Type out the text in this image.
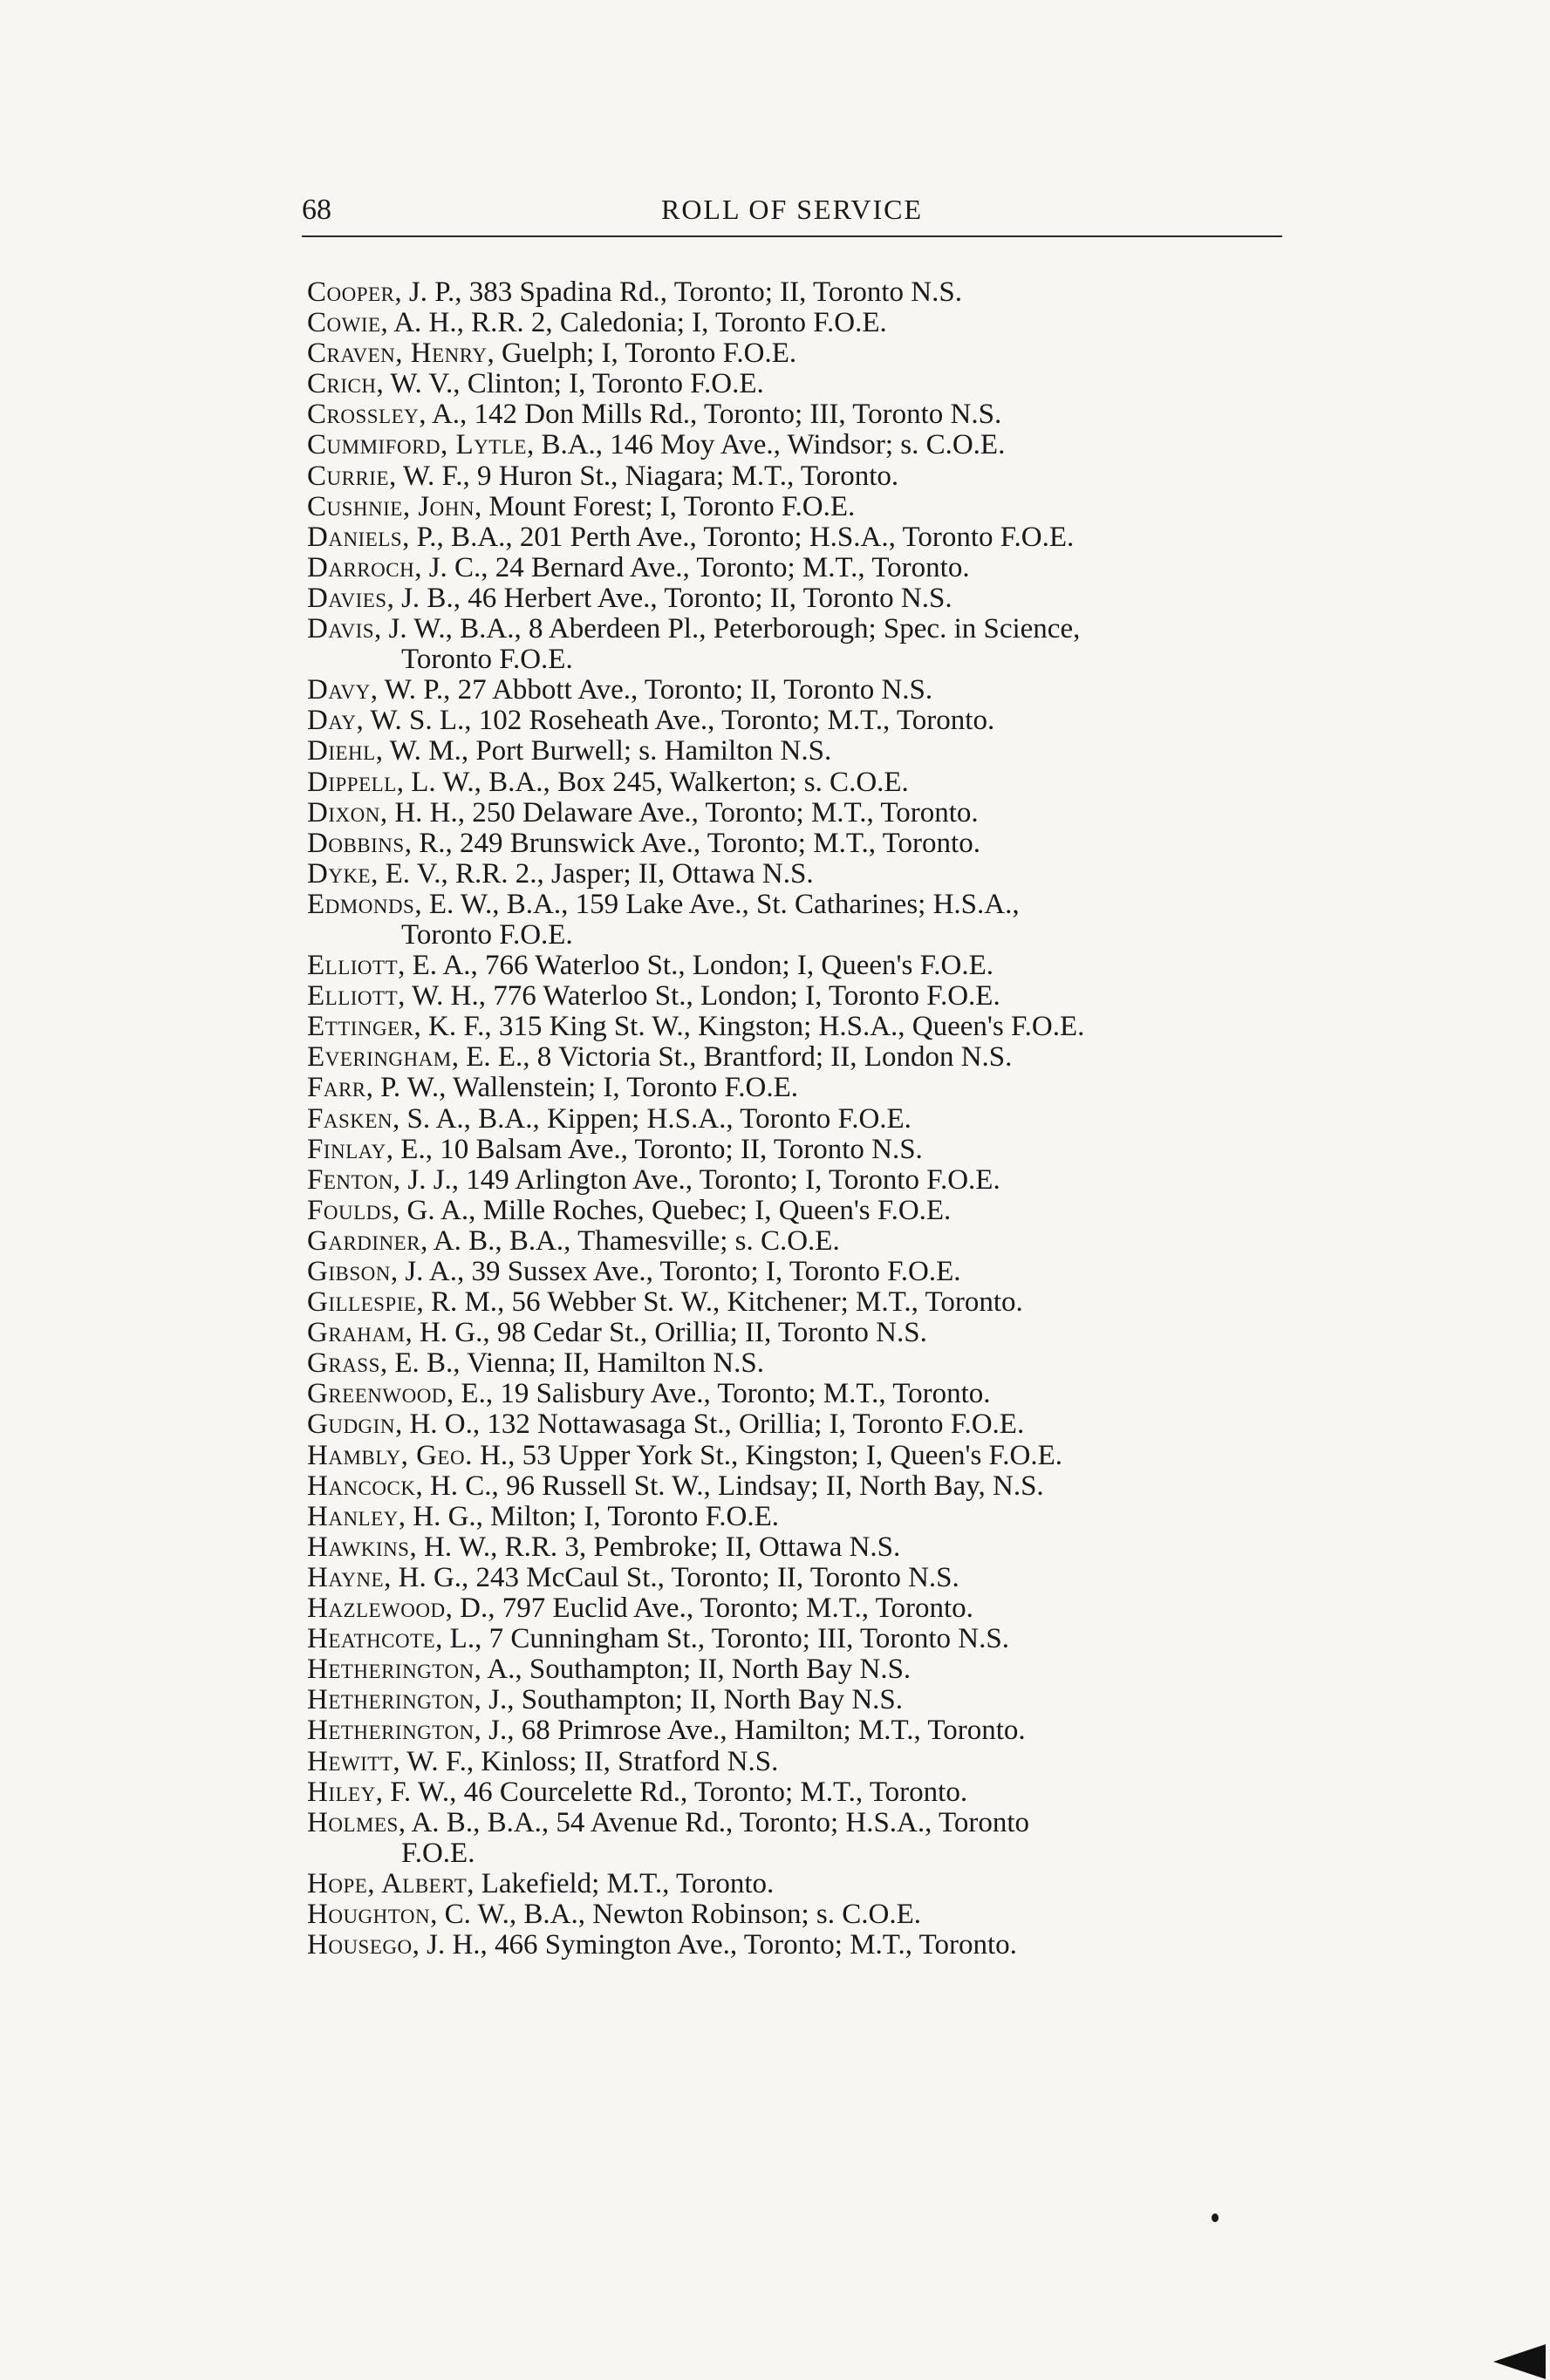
68	ROLL OF SERVICE
Cooper, J. P., 383 Spadina Rd., Toronto; II, Toronto N.S.
Cowie, A. H., R.R. 2, Caledonia; I, Toronto F.O.E.
Craven, Henry, Guelph; I, Toronto F.O.E.
Crich, W. V., Clinton; I, Toronto F.O.E.
Crossley, A., 142 Don Mills Rd., Toronto; III, Toronto N.S.
Cummiford, Lytle, B.A., 146 Moy Ave., Windsor; s. C.O.E.
Currie, W. F., 9 Huron St., Niagara; M.T., Toronto.
Cushnie, John, Mount Forest; I, Toronto F.O.E.
Daniels, P., B.A., 201 Perth Ave., Toronto; H.S.A., Toronto F.O.E.
Darroch, J. C., 24 Bernard Ave., Toronto; M.T., Toronto.
Davies, J. B., 46 Herbert Ave., Toronto; II, Toronto N.S.
Davis, J. W., B.A., 8 Aberdeen Pl., Peterborough; Spec. in Science,
Toronto F.O.E.
Davy, W. P., 27 Abbott Ave., Toronto; II, Toronto N.S.
Day, W. S. L., 102 Roseheath Ave., Toronto; M.T., Toronto.
Diehl, W. M., Port Burwell; s. Hamilton N.S.
Dippell, L. W., B.A., Box 245, Walkerton; s. C.O.E.
Dixon, H. H., 250 Delaware Ave., Toronto; M.T., Toronto.
Dobbins, R., 249 Brunswick Ave., Toronto; M.T., Toronto.
Dyke, E. V., R.R. 2., Jasper; II, Ottawa N.S.
Edmonds, E. W., B.A., 159 Lake Ave., St. Catharines; H.S.A.,
Toronto F.O.E.
Elliott, E. A., 766 Waterloo St., London; I, Queen's F.O.E.
Elliott, W. H., 776 Waterloo St., London; I, Toronto F.O.E.
Ettinger, K. F., 315 King St. W., Kingston; H.S.A., Queen's F.O.E.
Everingham, E. E., 8 Victoria St., Brantford; II, London N.S.
Farr, P. W., Wallenstein; I, Toronto F.O.E.
Fasken, S. A., B.A., Kippen; H.S.A., Toronto F.O.E.
Finlay, E., 10 Balsam Ave., Toronto; II, Toronto N.S.
Fenton, J. J., 149 Arlington Ave., Toronto; I, Toronto F.O.E.
Foulds, G. A., Mille Roches, Quebec; I, Queen's F.O.E.
Gardiner, A. B., B.A., Thamesville; s. C.O.E.
Gibson, J. A., 39 Sussex Ave., Toronto; I, Toronto F.O.E.
Gillespie, R. M., 56 Webber St. W., Kitchener; M.T., Toronto.
Graham, H. G., 98 Cedar St., Orillia; II, Toronto N.S.
Grass, E. B., Vienna; II, Hamilton N.S.
Greenwood, E., 19 Salisbury Ave., Toronto; M.T., Toronto.
Gudgin, H. O., 132 Nottawasaga St., Orillia; I, Toronto F.O.E.
Hambly, Geo. H., 53 Upper York St., Kingston; I, Queen's F.O.E.
Hancock, H. C., 96 Russell St. W., Lindsay; II, North Bay, N.S.
Hanley, H. G., Milton; I, Toronto F.O.E.
Hawkins, H. W., R.R. 3, Pembroke; II, Ottawa N.S.
Hayne, H. G., 243 McCaul St., Toronto; II, Toronto N.S.
Hazlewood, D., 797 Euclid Ave., Toronto; M.T., Toronto.
Heathcote, L., 7 Cunningham St., Toronto; III, Toronto N.S.
Hetherington, A., Southampton; II, North Bay N.S.
Hetherington, J., Southampton; II, North Bay N.S.
Hetherington, J., 68 Primrose Ave., Hamilton; M.T., Toronto.
Hewitt, W. F., Kinloss; II, Stratford N.S.
Hiley, F. W., 46 Courcelette Rd., Toronto; M.T., Toronto.
Holmes, A. B., B.A., 54 Avenue Rd., Toronto; H.S.A., Toronto
F.O.E.
Hope, Albert, Lakefield; M.T., Toronto.
Houghton, C. W., B.A., Newton Robinson; s. C.O.E.
Housego, J. H., 466 Symington Ave., Toronto; M.T., Toronto.
